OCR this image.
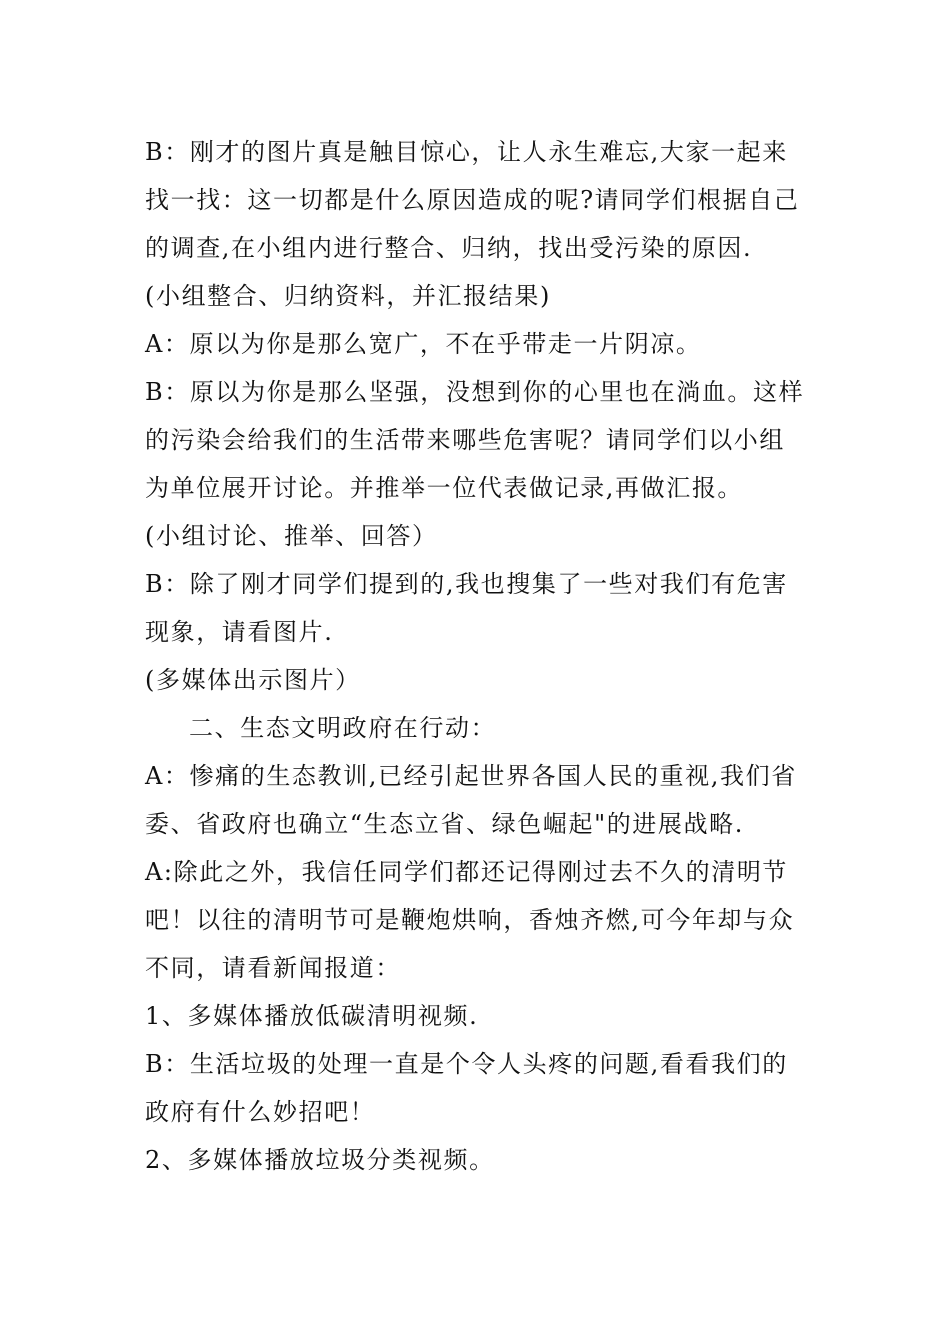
B：刚才的图片真是触目惊心，让人永生难忘,大家一起来
找一找：这一切都是什么原因造成的呢?请同学们根据自己
的调查,在小组内进行整合、归纳，找出受污染的原因.
(小组整合、归纳资料，并汇报结果)
A：原以为你是那么宽广，不在乎带走一片阴凉。
B：原以为你是那么坚强，没想到你的心里也在淌血。这样
的污染会给我们的生活带来哪些危害呢？请同学们以小组
为单位展开讨论。并推举一位代表做记录,再做汇报。
(小组讨论、推举、回答）
B：除了刚才同学们提到的,我也搜集了一些对我们有危害
现象，请看图片.
(多媒体出示图片）
二、生态文明政府在行动：
A：惨痛的生态教训,已经引起世界各国人民的重视,我们省
委、省政府也确立“生态立省、绿色崛起"的进展战略.
A:除此之外，我信任同学们都还记得刚过去不久的清明节
吧！以往的清明节可是鞭炮烘响，香烛齐燃,可今年却与众
不同，请看新闻报道：
1、多媒体播放低碳清明视频.
B：生活垃圾的处理一直是个令人头疼的问题,看看我们的
政府有什么妙招吧！
2、多媒体播放垃圾分类视频。
